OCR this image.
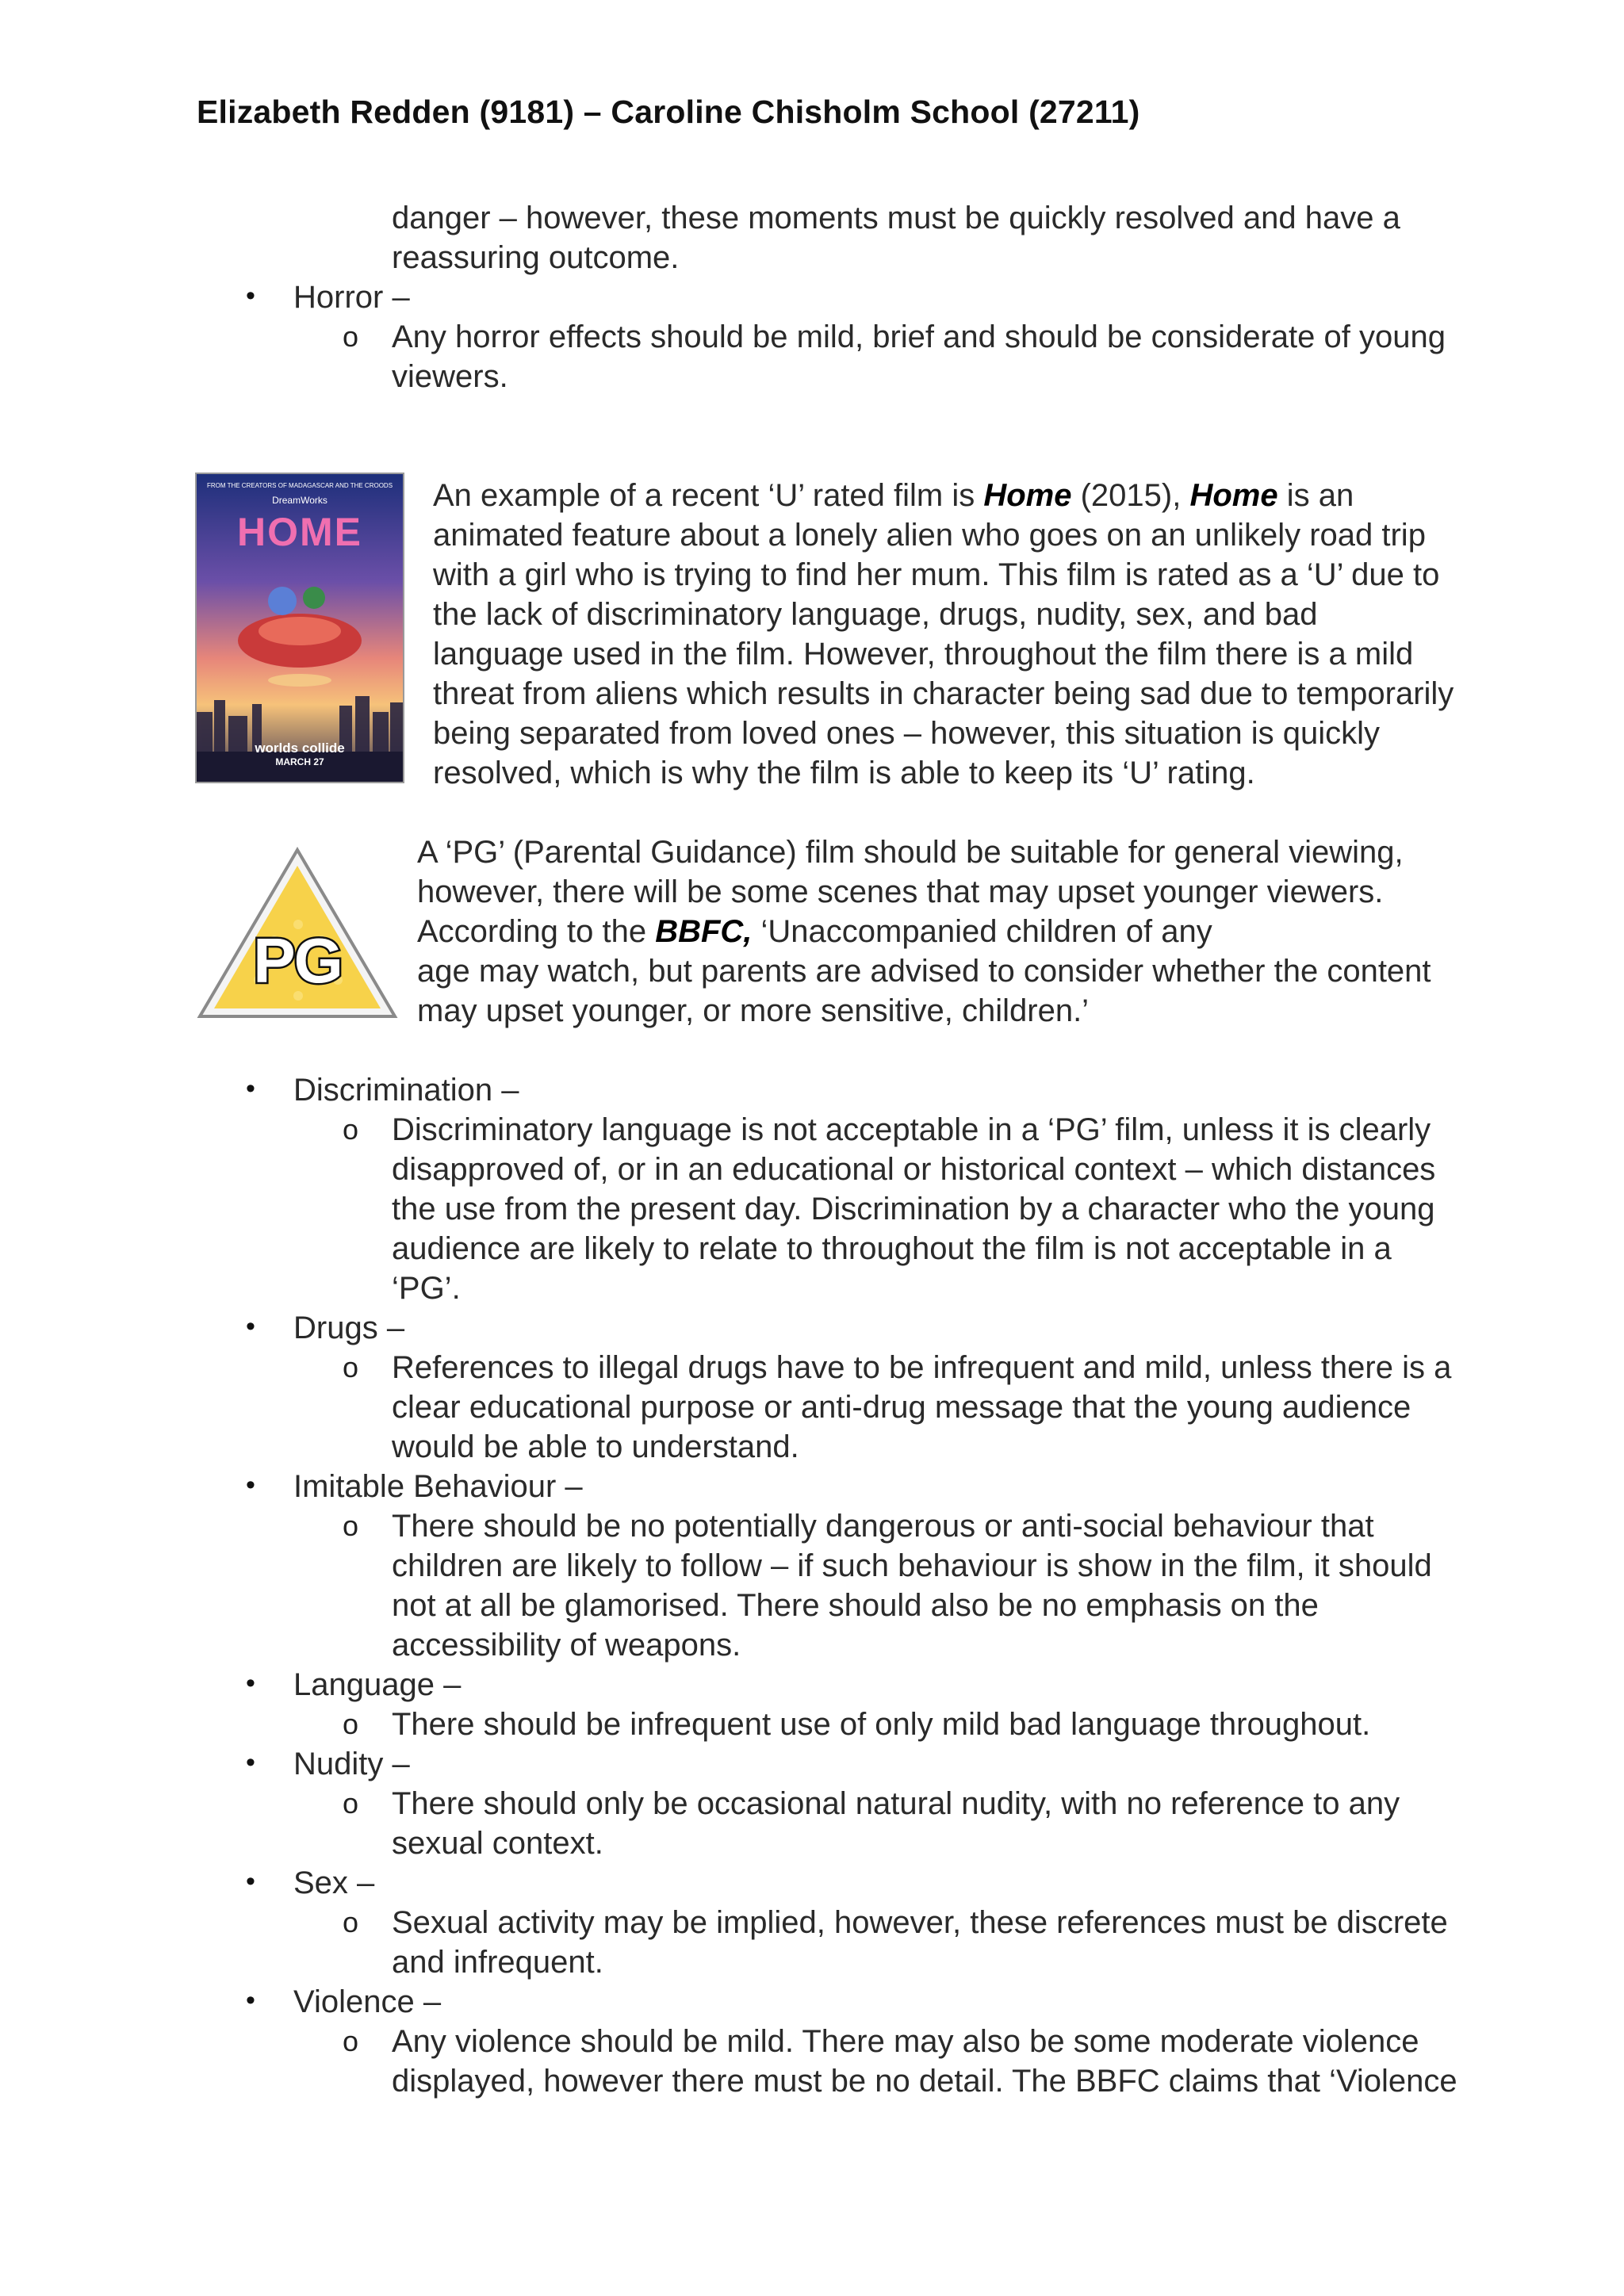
Elizabeth Redden (9181) – Caroline Chisholm School (27211)
danger – however, these moments must be quickly resolved and have a
reassuring outcome.
• Horror –
o Any horror effects should be mild, brief and should be considerate of young
viewers.
FROM THE CREATORS OF MADAGASCAR AND THE CROODS
DreamWorks
HOME
worlds collide
MARCH 27
An example of a recent ‘U’ rated film is Home (2015), Home is an
animated feature about a lonely alien who goes on an unlikely road trip
with a girl who is trying to find her mum. This film is rated as a ‘U’ due to
the lack of discriminatory language, drugs, nudity, sex, and bad
language used in the film. However, throughout the film there is a mild
threat from aliens which results in character being sad due to temporarily
being separated from loved ones – however, this situation is quickly
resolved, which is why the film is able to keep its ‘U’ rating.
PG
A ‘PG’ (Parental Guidance) film should be suitable for general viewing,
however, there will be some scenes that may upset younger viewers.
According to the BBFC, ‘Unaccompanied children of any
age may watch, but parents are advised to consider whether the content
may upset younger, or more sensitive, children.’
• Discrimination –
o Discriminatory language is not acceptable in a ‘PG’ film, unless it is clearly
disapproved of, or in an educational or historical context – which distances
the use from the present day. Discrimination by a character who the young
audience are likely to relate to throughout the film is not acceptable in a
‘PG’.
• Drugs –
o References to illegal drugs have to be infrequent and mild, unless there is a
clear educational purpose or anti-drug message that the young audience
would be able to understand.
• Imitable Behaviour –
o There should be no potentially dangerous or anti-social behaviour that
children are likely to follow – if such behaviour is show in the film, it should
not at all be glamorised. There should also be no emphasis on the
accessibility of weapons.
• Language –
o There should be infrequent use of only mild bad language throughout.
• Nudity –
o There should only be occasional natural nudity, with no reference to any
sexual context.
• Sex –
o Sexual activity may be implied, however, these references must be discrete
and infrequent.
• Violence –
o Any violence should be mild. There may also be some moderate violence
displayed, however there must be no detail. The BBFC claims that ‘Violence
